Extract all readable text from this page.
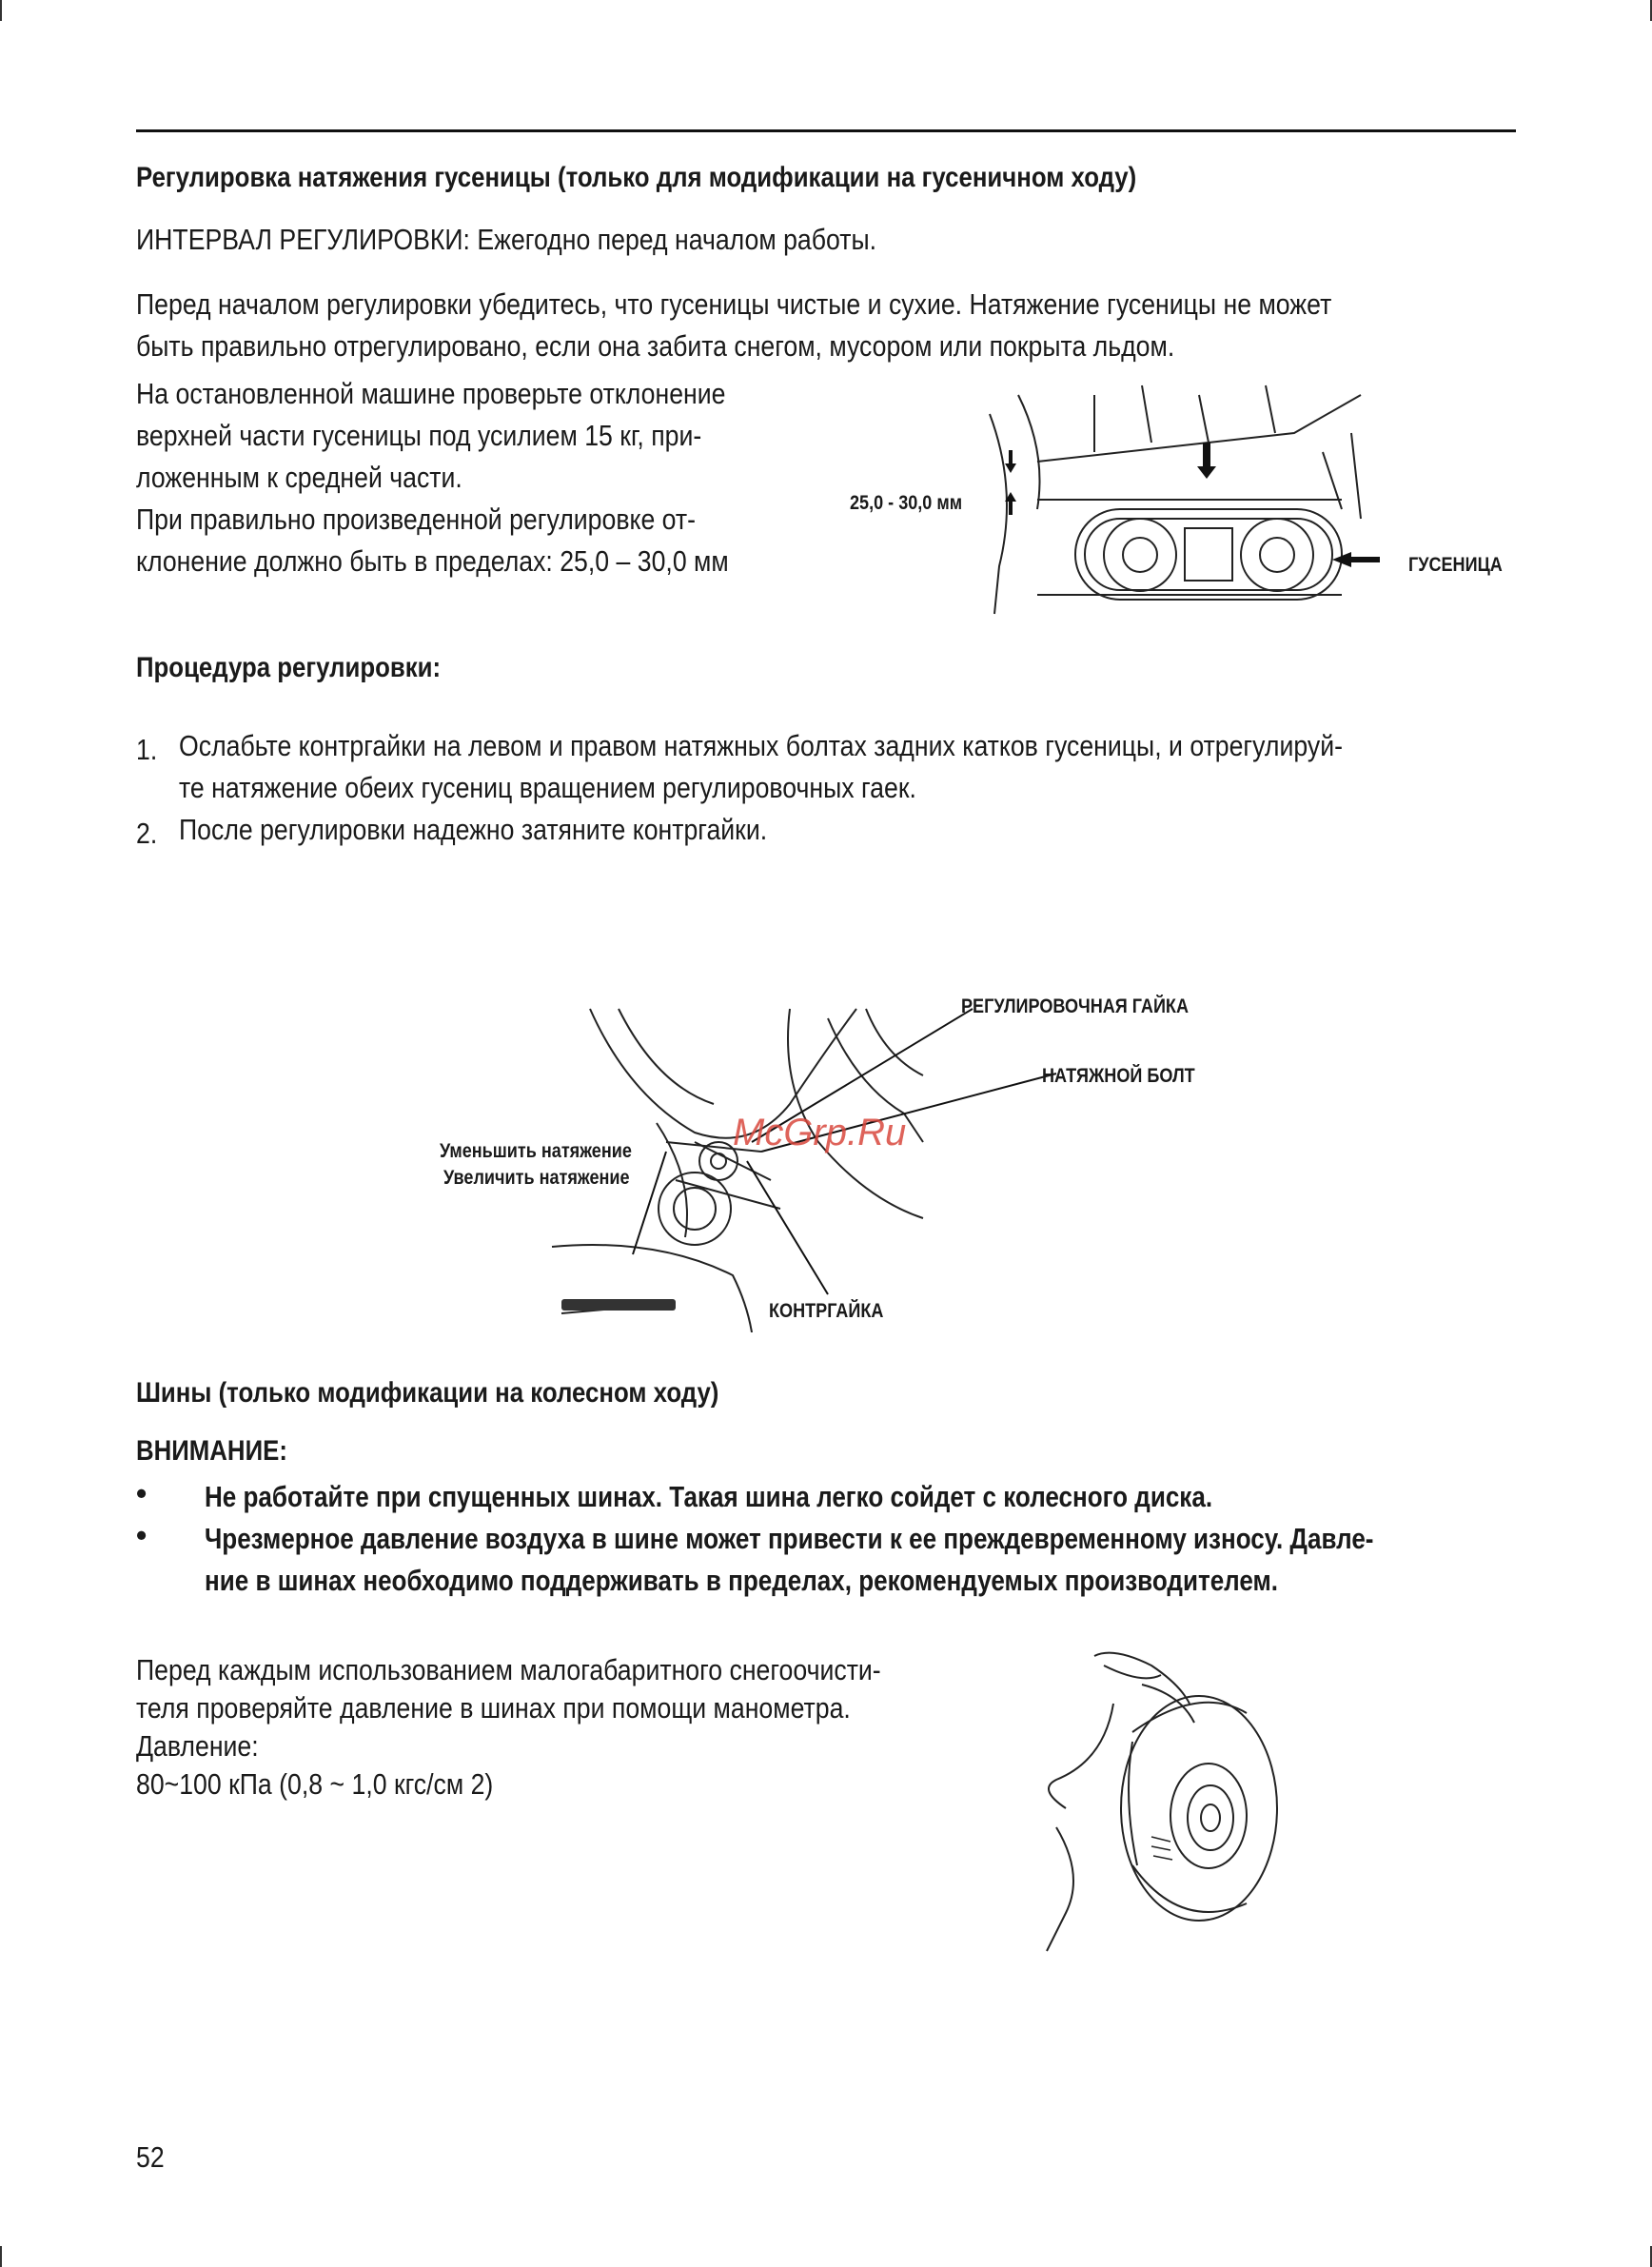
Регулировка натяжения гусеницы (только для модификации на гусеничном ходу)
ИНТЕРВАЛ РЕГУЛИРОВКИ: Ежегодно перед началом работы.
Перед началом регулировки убедитесь, что гусеницы чистые и сухие. Натяжение гусеницы не может
быть правильно отрегулировано, если она забита снегом, мусором или покрыта льдом.
На остановленной машине проверьте отклонение
верхней части гусеницы под усилием 15 кг, при-
ложенным к средней части.
При правильно произведенной регулировке от-
клонение должно быть в пределах: 25,0 – 30,0 мм
25,0 - 30,0 мм
ГУСЕНИЦА
Процедура регулировки:
1. Ослабьте контргайки на левом и правом натяжных болтах задних катков гусеницы, и отрегулируй-
те натяжение обеих гусениц вращением регулировочных гаек.
2. После регулировки надежно затяните контргайки.
РЕГУЛИРОВОЧНАЯ ГАЙКА
НАТЯЖНОЙ БОЛТ
Уменьшить натяжение
Увеличить натяжение
КОНТРГАЙКА
McGrp.Ru
Шины (только модификации на колесном ходу)
ВНИМАНИЕ:
• Не работайте при спущенных шинах. Такая шина легко сойдет с колесного диска.
• Чрезмерное давление воздуха в шине может привести к ее преждевременному износу. Давле-
ние в шинах необходимо поддерживать в пределах, рекомендуемых производителем.
Перед каждым использованием малогабаритного снегоочисти-
теля проверяйте давление в шинах при помощи манометра.
Давление:
80~100 кПа (0,8 ~ 1,0 кгс/см 2)
52
